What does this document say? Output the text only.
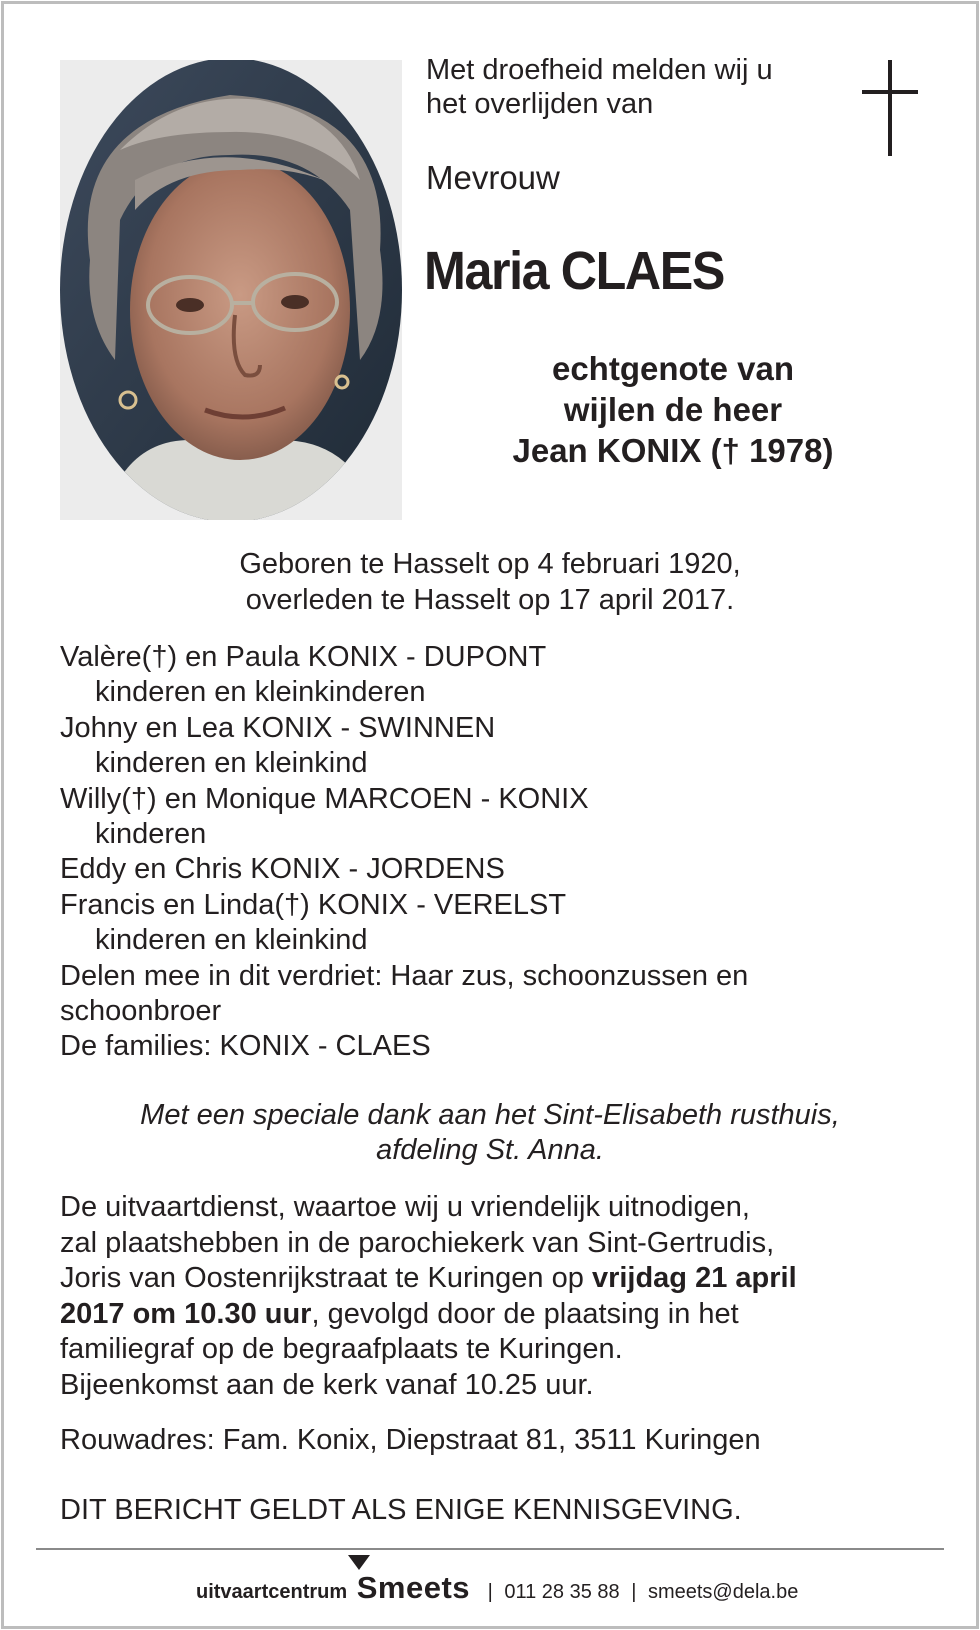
Met droefheid melden wij u
het overlijden van
Mevrouw
Maria CLAES
echtgenote van
wijlen de heer
Jean KONIX († 1978)
Geboren te Hasselt op 4 februari 1920,
overleden te Hasselt op 17 april 2017.
Valère(†) en Paula KONIX - DUPONT
kinderen en kleinkinderen
Johny en Lea KONIX - SWINNEN
kinderen en kleinkind
Willy(†) en Monique MARCOEN - KONIX
kinderen
Eddy en Chris KONIX - JORDENS
Francis en Linda(†) KONIX - VERELST
kinderen en kleinkind
Delen mee in dit verdriet: Haar zus, schoonzussen en
schoonbroer
De families: KONIX - CLAES
Met een speciale dank aan het Sint-Elisabeth rusthuis,
afdeling St. Anna.
De uitvaartdienst, waartoe wij u vriendelijk uitnodigen,
zal plaatshebben in de parochiekerk van Sint-Gertrudis,
Joris van Oostenrijkstraat te Kuringen op vrijdag 21 april
2017 om 10.30 uur, gevolgd door de plaatsing in het
familiegraf op de begraafplaats te Kuringen.
Bijeenkomst aan de kerk vanaf 10.25 uur.
Rouwadres: Fam. Konix, Diepstraat 81, 3511 Kuringen
DIT BERICHT GELDT ALS ENIGE KENNISGEVING.
uitvaartcentrum Smeets | 011 28 35 88 | smeets@dela.be
